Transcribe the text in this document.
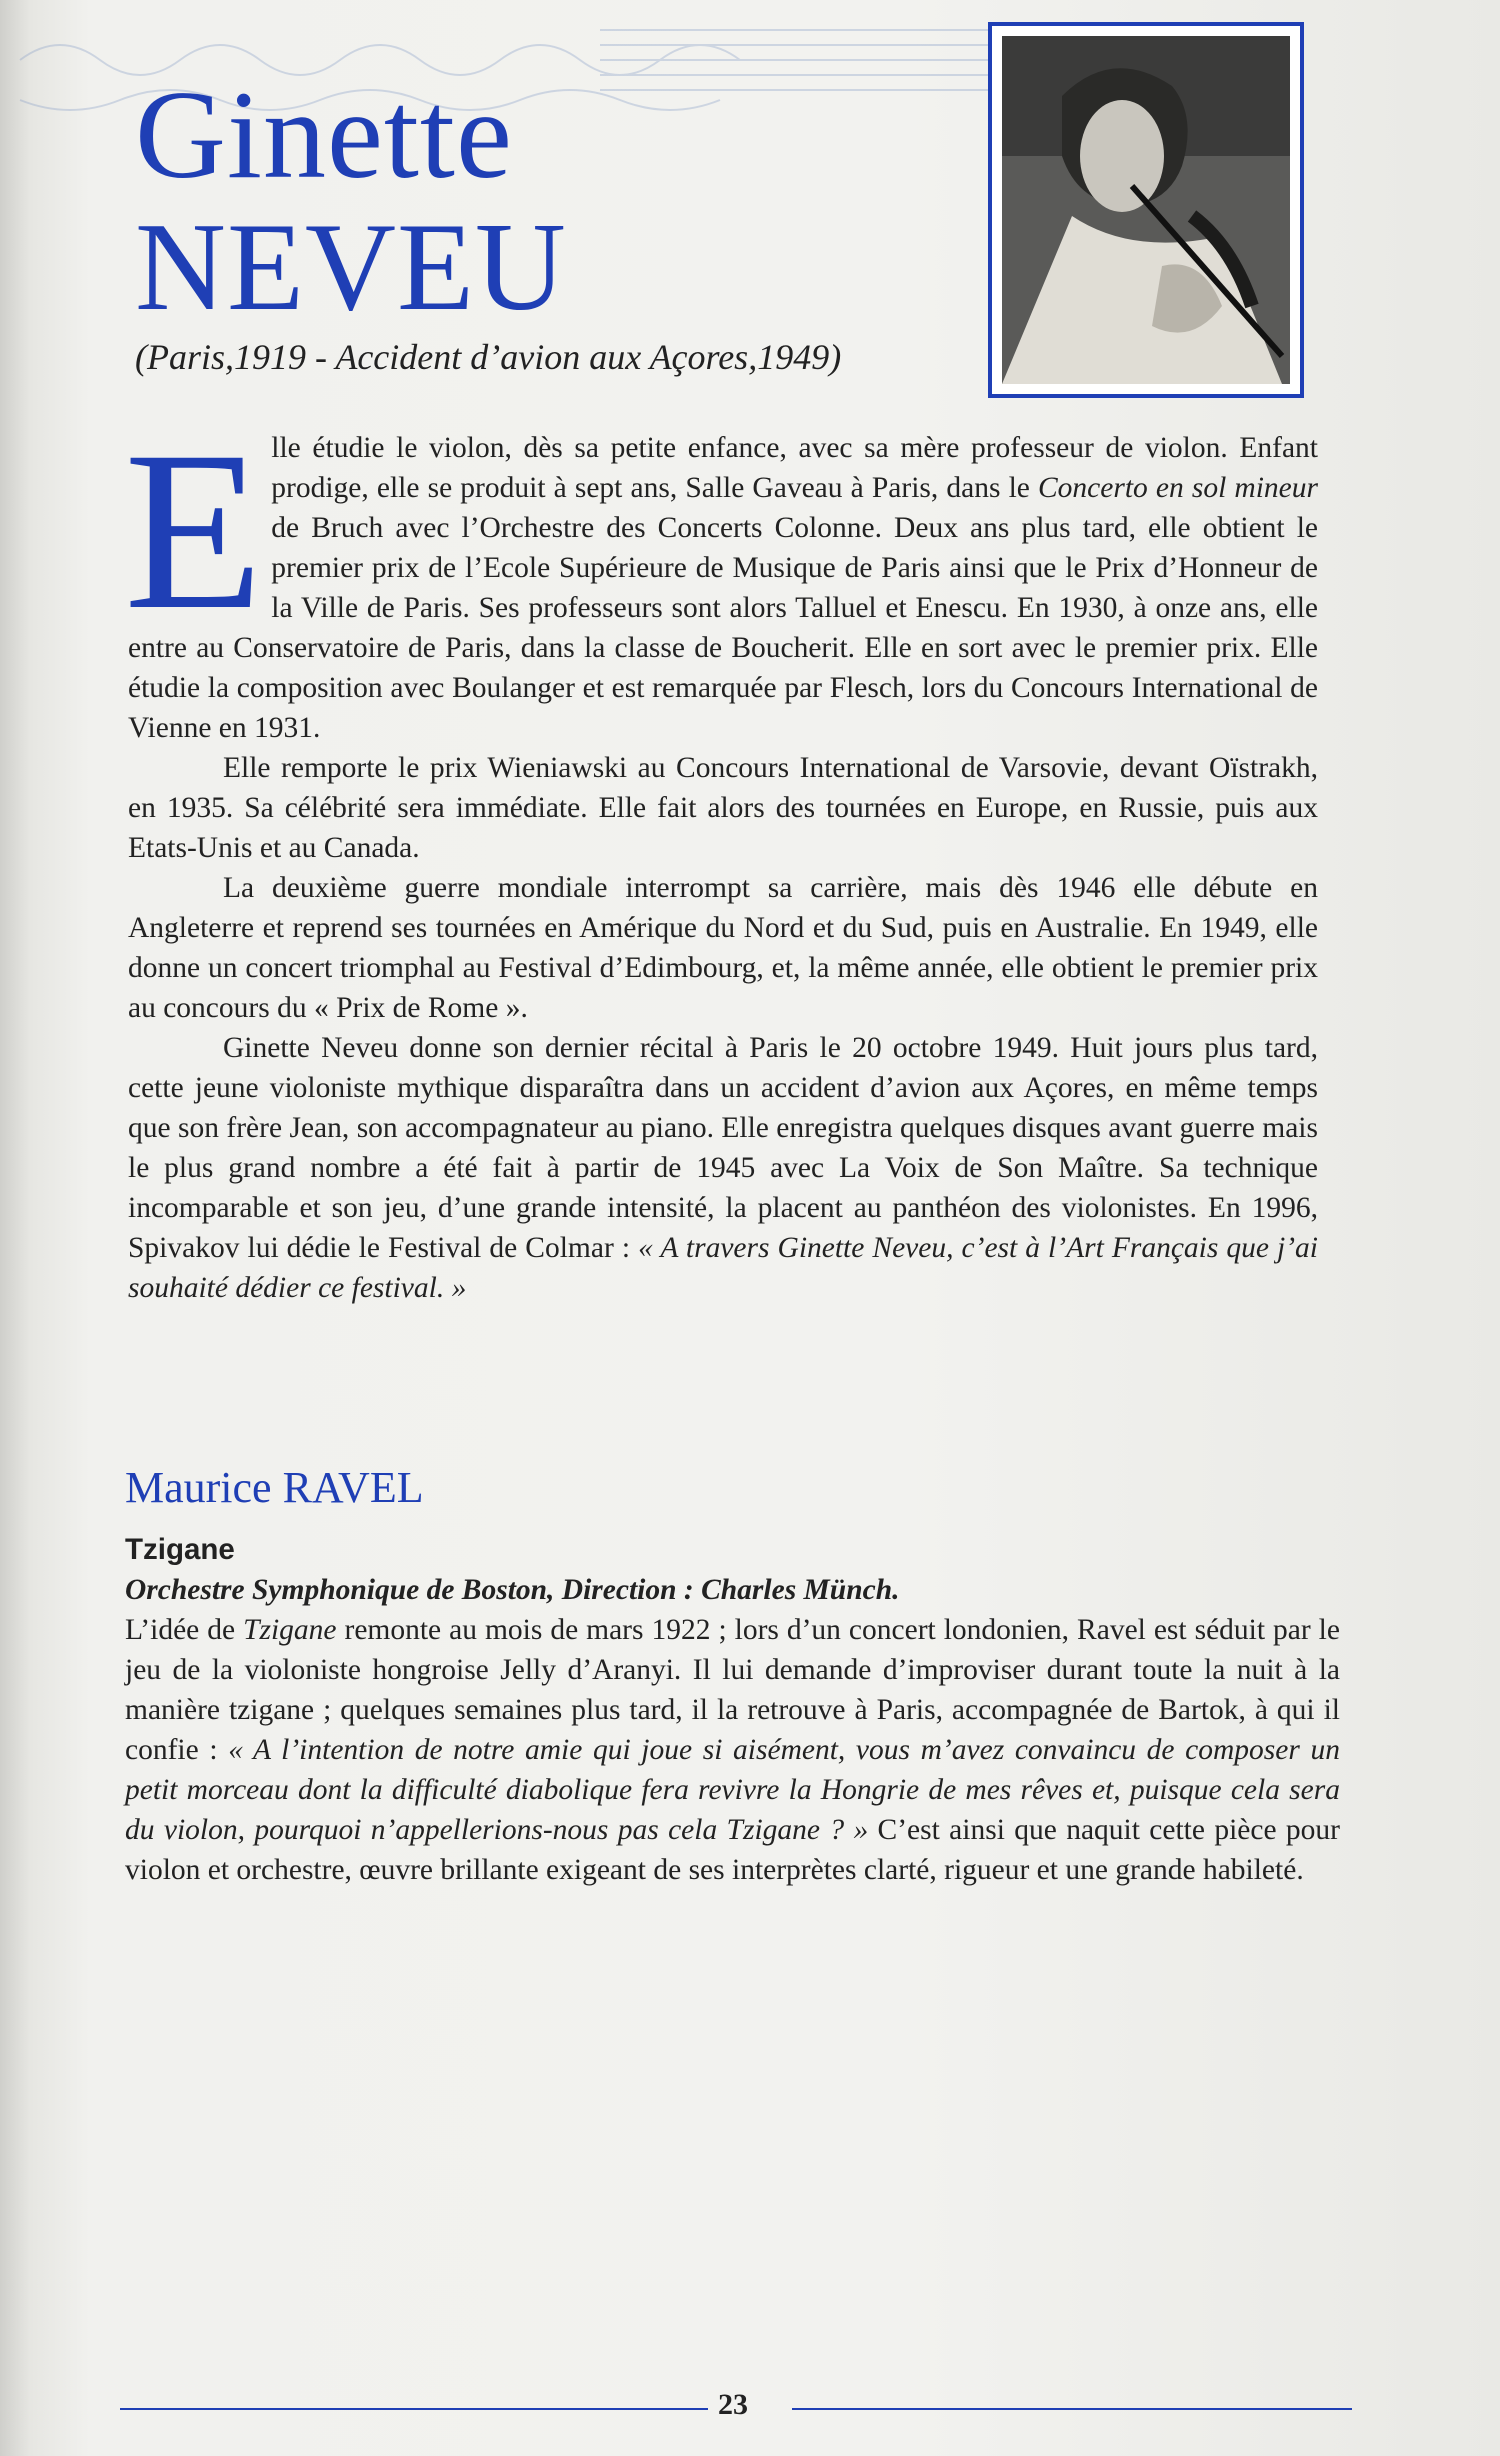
Ginette
NEVEU

(Paris,1919 - Accident d’avion aux Açores,1949)

Elle étudie le violon, dès sa petite enfance, avec sa mère professeur de violon. Enfant prodige, elle se produit à sept ans, Salle Gaveau à Paris, dans le Concerto en sol mineur de Bruch avec l’Orchestre des Concerts Colonne. Deux ans plus tard, elle obtient le premier prix de l’Ecole Supérieure de Musique de Paris ainsi que le Prix d’Honneur de la Ville de Paris. Ses professeurs sont alors Talluel et Enescu. En 1930, à onze ans, elle entre au Conservatoire de Paris, dans la classe de Boucherit. Elle en sort avec le premier prix. Elle étudie la composition avec Boulanger et est remarquée par Flesch, lors du Concours International de Vienne en 1931.

Elle remporte le prix Wieniawski au Concours International de Varsovie, devant Oïstrakh, en 1935. Sa célébrité sera immédiate. Elle fait alors des tournées en Europe, en Russie, puis aux Etats-Unis et au Canada.

La deuxième guerre mondiale interrompt sa carrière, mais dès 1946 elle débute en Angleterre et reprend ses tournées en Amérique du Nord et du Sud, puis en Australie. En 1949, elle donne un concert triomphal au Festival d’Edimbourg, et, la même année, elle obtient le premier prix au concours du « Prix de Rome ».

Ginette Neveu donne son dernier récital à Paris le 20 octobre 1949. Huit jours plus tard, cette jeune violoniste mythique disparaîtra dans un accident d’avion aux Açores, en même temps que son frère Jean, son accompagnateur au piano. Elle enregistra quelques disques avant guerre mais le plus grand nombre a été fait à partir de 1945 avec La Voix de Son Maître. Sa technique incomparable et son jeu, d’une grande intensité, la placent au panthéon des violonistes. En 1996, Spivakov lui dédie le Festival de Colmar : « A travers Ginette Neveu, c’est à l’Art Français que j’ai souhaité dédier ce festival. »

Maurice RAVEL

Tzigane

Orchestre Symphonique de Boston, Direction : Charles Münch.

L’idée de Tzigane remonte au mois de mars 1922 ; lors d’un concert londonien, Ravel est séduit par le jeu de la violoniste hongroise Jelly d’Aranyi. Il lui demande d’improviser durant toute la nuit à la manière tzigane ; quelques semaines plus tard, il la retrouve à Paris, accompagnée de Bartok, à qui il confie : « A l’intention de notre amie qui joue si aisément, vous m’avez convaincu de composer un petit morceau dont la difficulté diabolique fera revivre la Hongrie de mes rêves et, puisque cela sera du violon, pourquoi n’appellerions-nous pas cela Tzigane ? » C’est ainsi que naquit cette pièce pour violon et orchestre, œuvre brillante exigeant de ses interprètes clarté, rigueur et une grande habileté.

23
